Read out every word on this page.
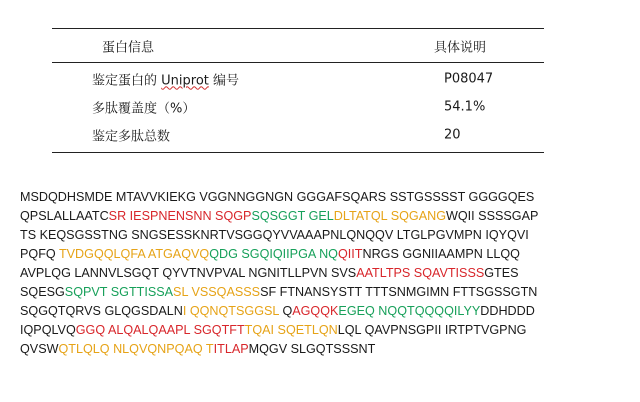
蛋白信息	具体说明
鉴定蛋白的 Uniprot 编号	P08047
多肽覆盖度（%）	54.1%
鉴定多肽总数	20
MSDQDHSMDE MTAVVKIEKG VGGNNGGNGN GGGAFSQARS SSTGSSSST GGGGQES
QPSLALLAATCSR IESPNENSNN SQGPSQSGGT GELDLTATQL SQGANGWQII SSSSGAP
TS KEQSGSSTNG SNGSESSKNRTVSGGQYVVAAAPNLQNQQV LTGLPGVMPN IQYQVI
PQFQ TVDGQQLQFA ATGAQVQQDG SGQIQIIPGA NQQIITNRGS GGNIIAAMPN LLQQ
AVPLQG LANNVLSGQT QYVTNVPVAL NGNITLLPVN SVSAATLTPS SQAVTISSSGTES
SQESGSQPVT SGTTISSASL VSSQASSSSF FTNANSYSTT TTTSNMGIMN FTTSGSSGTN
SQGQTQRVS GLQGSDALNI QQNQTSGGSL QAGQQKEGEQ NQQTQQQQILYYDDHDDD
IQPQLVQGGQ ALQALQAAPL SGQTFTTQAI SQETLQNLQL QAVPNSGPII IRTPTVGPNG
QVSWQTLQLQ NLQVQNPQAQ TITLAPMQGV SLGQTSSSNT
